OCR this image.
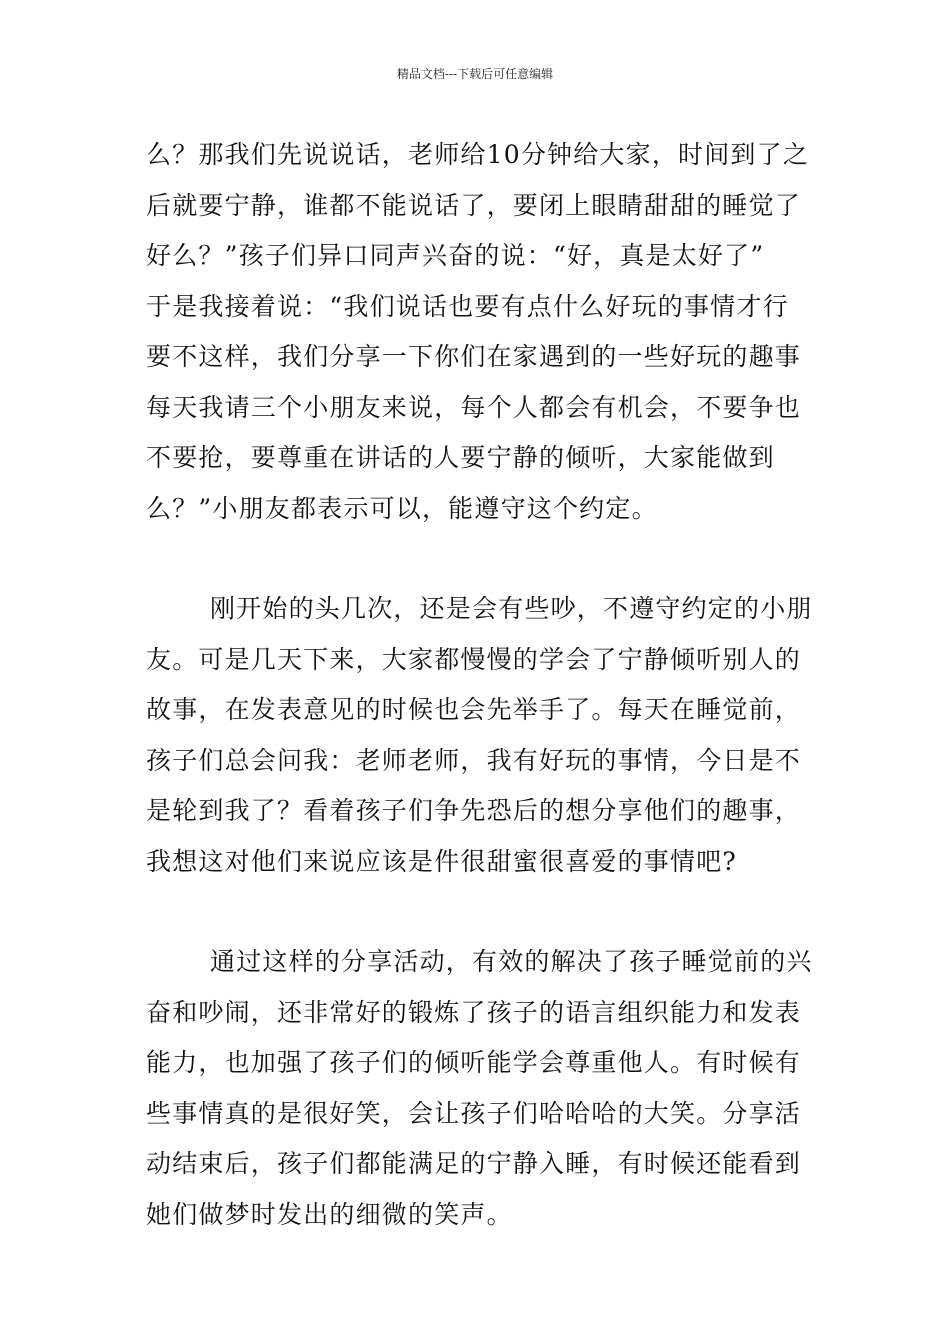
精品文档---下载后可任意编辑
么？那我们先说说话，老师给10分钟给大家，时间到了之
后就要宁静，谁都不能说话了，要闭上眼睛甜甜的睡觉了
好么？”孩子们异口同声兴奋的说：“好，真是太好了”
于是我接着说：“我们说话也要有点什么好玩的事情才行
要不这样，我们分享一下你们在家遇到的一些好玩的趣事
每天我请三个小朋友来说，每个人都会有机会，不要争也
不要抢，要尊重在讲话的人要宁静的倾听，大家能做到
么？”小朋友都表示可以，能遵守这个约定。
刚开始的头几次，还是会有些吵，不遵守约定的小朋
友。可是几天下来，大家都慢慢的学会了宁静倾听别人的
故事，在发表意见的时候也会先举手了。每天在睡觉前，
孩子们总会问我：老师老师，我有好玩的事情，今日是不
是轮到我了？看着孩子们争先恐后的想分享他们的趣事，
我想这对他们来说应该是件很甜蜜很喜爱的事情吧?
通过这样的分享活动，有效的解决了孩子睡觉前的兴
奋和吵闹，还非常好的锻炼了孩子的语言组织能力和发表
能力，也加强了孩子们的倾听能学会尊重他人。有时候有
些事情真的是很好笑，会让孩子们哈哈哈的大笑。分享活
动结束后，孩子们都能满足的宁静入睡，有时候还能看到
她们做梦时发出的细微的笑声。
